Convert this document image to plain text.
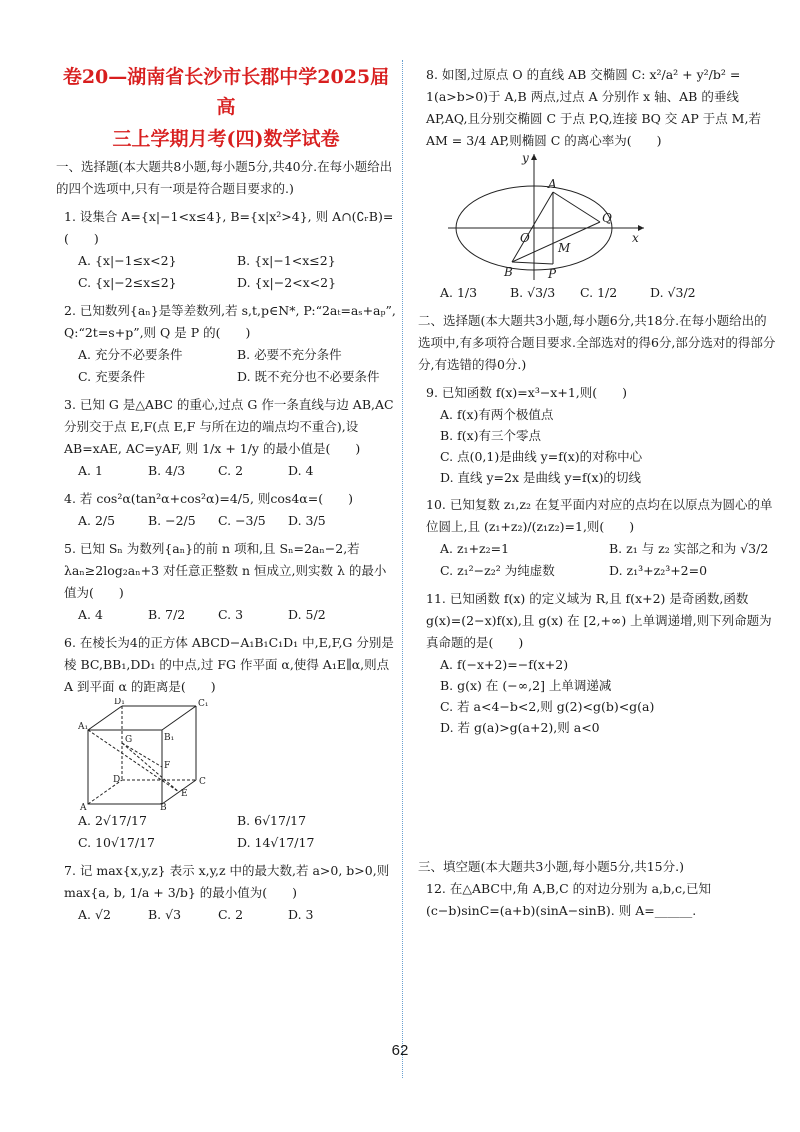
卷20—湖南省长沙市长郡中学2025届高
三上学期月考(四)数学试卷
一、选择题(本大题共8小题,每小题5分,共40分.在每小题给出的四个选项中,只有一项是符合题目要求的.)
1. 设集合 A={x|−1<x≤4}, B={x|x²>4}, 则 A∩(∁ᵣB)=(　　)
A. {x|−1≤x<2}	B. {x|−1<x≤2}
C. {x|−2≤x≤2}	D. {x|−2<x<2}
2. 已知数列{aₙ}是等差数列,若 s,t,p∈N*, P:“2aₜ=aₛ+aₚ”, Q:“2t=s+p”,则 Q 是 P 的(　　)
A. 充分不必要条件	B. 必要不充分条件
C. 充要条件	D. 既不充分也不必要条件
3. 已知 G 是△ABC 的重心,过点 G 作一条直线与边 AB,AC 分别交于点 E,F(点 E,F 与所在边的端点均不重合),设 AB=xAE, AC=yAF, 则 1/x + 1/y 的最小值是(　　)
A. 1	B. 4/3	C. 2	D. 4
4. 若 cos²α(tan²α+cos²α)=4/5, 则cos4α=(　　)
A. 2/5	B. −2/5	C. −3/5	D. 3/5
5. 已知 Sₙ 为数列{aₙ}的前 n 项和,且 Sₙ=2aₙ−2,若 λaₙ≥2log₂aₙ+3 对任意正整数 n 恒成立,则实数 λ 的最小值为(　　)
A. 4	B. 7/2	C. 3	D. 5/2
6. 在棱长为4的正方体 ABCD−A₁B₁C₁D₁ 中,E,F,G 分别是棱 BC,BB₁,DD₁ 的中点,过 FG 作平面 α,使得 A₁E∥α,则点 A 到平面 α 的距离是(　　)
D₁	C₁
A₁
B₁
G
F
D	C
E
A	B
A. 2√17/17	B. 6√17/17
C. 10√17/17	D. 14√17/17
7. 记 max{x,y,z} 表示 x,y,z 中的最大数,若 a>0, b>0,则 max{a, b, 1/a + 3/b} 的最小值为(　　)
A. √2	B. √3	C. 2	D. 3
8. 如图,过原点 O 的直线 AB 交椭圆 C: x²/a² + y²/b² = 1(a>b>0)于 A,B 两点,过点 A 分别作 x 轴、AB 的垂线 AP,AQ,且分别交椭圆 C 于点 P,Q,连接 BQ 交 AP 于点 M,若 AM = 3/4 AP,则椭圆 C 的离心率为(　　)
y
x
A
Q
O
M
B	P
A. 1/3	B. √3/3	C. 1/2	D. √3/2
二、选择题(本大题共3小题,每小题6分,共18分.在每小题给出的选项中,有多项符合题目要求.全部选对的得6分,部分选对的得部分分,有选错的得0分.)
9. 已知函数 f(x)=x³−x+1,则(　　)
A. f(x)有两个极值点
B. f(x)有三个零点
C. 点(0,1)是曲线 y=f(x)的对称中心
D. 直线 y=2x 是曲线 y=f(x)的切线
10. 已知复数 z₁,z₂ 在复平面内对应的点均在以原点为圆心的单位圆上,且 (z₁+z₂)/(z₁z₂)=1,则(　　)
A. z₁+z₂=1	B. z₁ 与 z₂ 实部之和为 √3/2
C. z₁²−z₂² 为纯虚数	D. z₁³+z₂³+2=0
11. 已知函数 f(x) 的定义域为 R,且 f(x+2) 是奇函数,函数 g(x)=(2−x)f(x),且 g(x) 在 [2,+∞) 上单调递增,则下列命题为真命题的是(　　)
A. f(−x+2)=−f(x+2)
B. g(x) 在 (−∞,2] 上单调递减
C. 若 a<4−b<2,则 g(2)<g(b)<g(a)
D. 若 g(a)>g(a+2),则 a<0
三、填空题(本大题共3小题,每小题5分,共15分.)
12. 在△ABC中,角 A,B,C 的对边分别为 a,b,c,已知 (c−b)sinC=(a+b)(sinA−sinB). 则 A=______.
62
